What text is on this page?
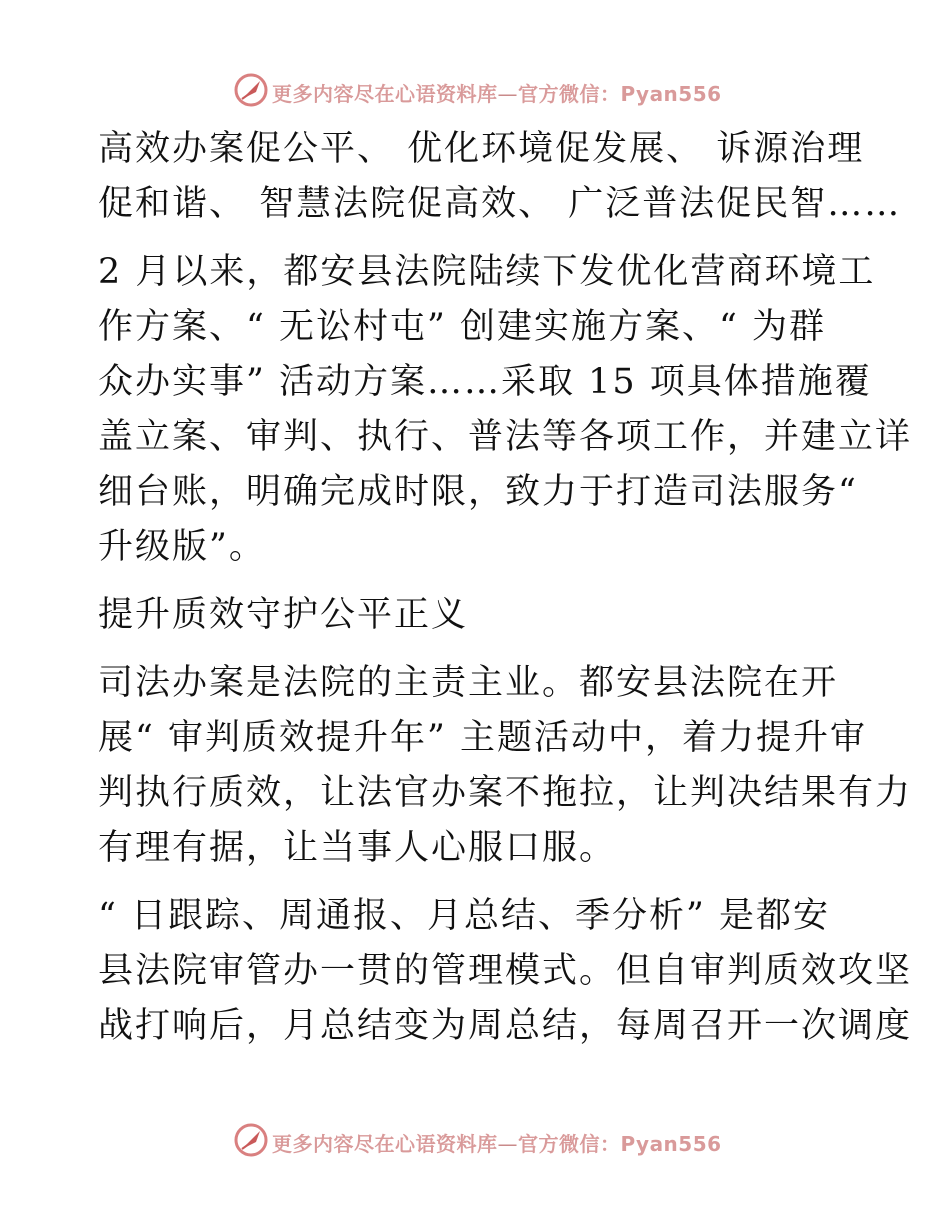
更多内容尽在心语资料库—官方微信：Pyan556
高效办案促公平、 优化环境促发展、 诉源治理
促和谐、 智慧法院促高效、 广泛普法促民智……
2 月以来，都安县法院陆续下发优化营商环境工
作方案、“ 无讼村屯” 创建实施方案、“ 为群
众办实事” 活动方案……采取 15 项具体措施覆
盖立案、审判、执行、普法等各项工作，并建立详
细台账，明确完成时限，致力于打造司法服务“
升级版”。
提升质效守护公平正义
司法办案是法院的主责主业。都安县法院在开
展“ 审判质效提升年” 主题活动中，着力提升审
判执行质效，让法官办案不拖拉，让判决结果有力
有理有据，让当事人心服口服。
“ 日跟踪、周通报、月总结、季分析” 是都安
县法院审管办一贯的管理模式。但自审判质效攻坚
战打响后，月总结变为周总结，每周召开一次调度
更多内容尽在心语资料库—官方微信：Pyan556
